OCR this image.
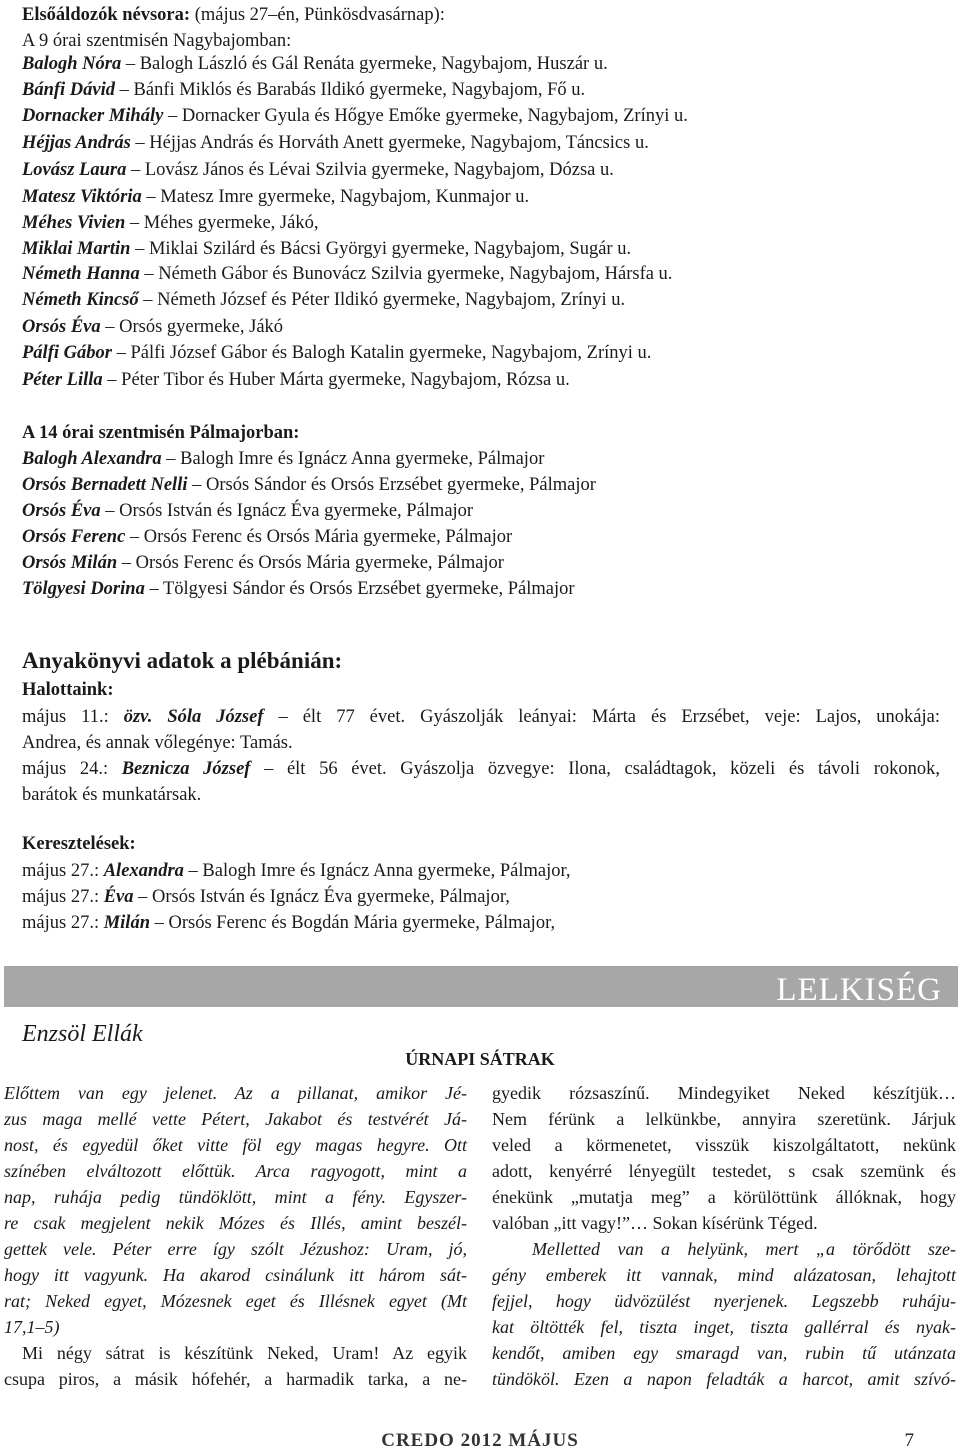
Elsőáldozók névsora: (május 27–én, Pünkösdvasárnap):
A 9 órai szentmisén Nagybajomban:
Balogh Nóra – Balogh László és Gál Renáta gyermeke, Nagybajom, Huszár u.
Bánfi Dávid – Bánfi Miklós és Barabás Ildikó gyermeke, Nagybajom, Fő u.
Dornacker Mihály – Dornacker Gyula és Hőgye Emőke gyermeke, Nagybajom, Zrínyi u.
Héjjas András – Héjjas András és Horváth Anett gyermeke, Nagybajom, Táncsics u.
Lovász Laura – Lovász János és Lévai Szilvia gyermeke, Nagybajom, Dózsa u.
Matesz Viktória – Matesz Imre gyermeke, Nagybajom, Kunmajor u.
Méhes Vivien – Méhes gyermeke, Jákó,
Miklai Martin – Miklai Szilárd és Bácsi Györgyi gyermeke, Nagybajom, Sugár u.
Németh Hanna – Németh Gábor és Bunovácz Szilvia gyermeke, Nagybajom, Hársfa u.
Németh Kincső – Németh József és Péter Ildikó gyermeke, Nagybajom, Zrínyi u.
Orsós Éva – Orsós gyermeke, Jákó
Pálfi Gábor – Pálfi József Gábor és Balogh Katalin gyermeke, Nagybajom, Zrínyi u.
Péter Lilla – Péter Tibor és Huber Márta gyermeke, Nagybajom, Rózsa u.
A 14 órai szentmisén Pálmajorban:
Balogh Alexandra – Balogh Imre és Ignácz Anna gyermeke, Pálmajor
Orsós Bernadett Nelli – Orsós Sándor és Orsós Erzsébet gyermeke, Pálmajor
Orsós Éva – Orsós István és Ignácz Éva gyermeke, Pálmajor
Orsós Ferenc – Orsós Ferenc és Orsós Mária gyermeke, Pálmajor
Orsós Milán – Orsós Ferenc és Orsós Mária gyermeke, Pálmajor
Tölgyesi Dorina – Tölgyesi Sándor és Orsós Erzsébet gyermeke, Pálmajor
Anyakönyvi adatok a plébánián:
Halottaink:
május 11.: özv. Sóla József – élt 77 évet. Gyászolják leányai: Márta és Erzsébet, veje: Lajos, unokája:
Andrea, és annak vőlegénye: Tamás.
május 24.: Beznicza József – élt 56 évet. Gyászolja özvegye: Ilona, családtagok, közeli és távoli rokonok,
barátok és munkatársak.
Keresztelések:
május 27.: Alexandra – Balogh Imre és Ignácz Anna gyermeke, Pálmajor,
május 27.: Éva – Orsós István és Ignácz Éva gyermeke, Pálmajor,
május 27.: Milán – Orsós Ferenc és Bogdán Mária gyermeke, Pálmajor,
LELKISÉG
Enzsöl Ellák
ÚRNAPI SÁTRAK
Előttem van egy jelenet. Az a pillanat, amikor Jé-
zus maga mellé vette Pétert, Jakabot és testvérét Já-
nost, és egyedül őket vitte föl egy magas hegyre. Ott
színében elváltozott előttük. Arca ragyogott, mint a
nap, ruhája pedig tündöklött, mint a fény. Egyszer-
re csak megjelent nekik Mózes és Illés, amint beszél-
gettek vele. Péter erre így szólt Jézushoz: Uram, jó,
hogy itt vagyunk. Ha akarod csinálunk itt három sát-
rat; Neked egyet, Mózesnek eget és Illésnek egyet (Mt
17,1–5)
Mi négy sátrat is készítünk Neked, Uram! Az egyik
csupa piros, a másik hófehér, a harmadik tarka, a ne-
gyedik rózsaszínű. Mindegyiket Neked készítjük…
Nem férünk a lelkünkbe, annyira szeretünk. Járjuk
veled a körmenetet, visszük kiszolgáltatott, nekünk
adott, kenyérré lényegült testedet, s csak szemünk és
énekünk „mutatja meg” a körülöttünk állóknak, hogy
valóban „itt vagy!”… Sokan kísérünk Téged.
Melletted van a helyünk, mert „a törődött sze-
gény emberek itt vannak, mind alázatosan, lehajtott
fejjel, hogy üdvözülést nyerjenek. Legszebb ruháju-
kat öltötték fel, tiszta inget, tiszta gallérral és nyak-
kendőt, amiben egy smaragd van, rubin tű utánzata
tündököl. Ezen a napon feladták a harcot, amit szívó-
CREDO 2012 MÁJUS	7
